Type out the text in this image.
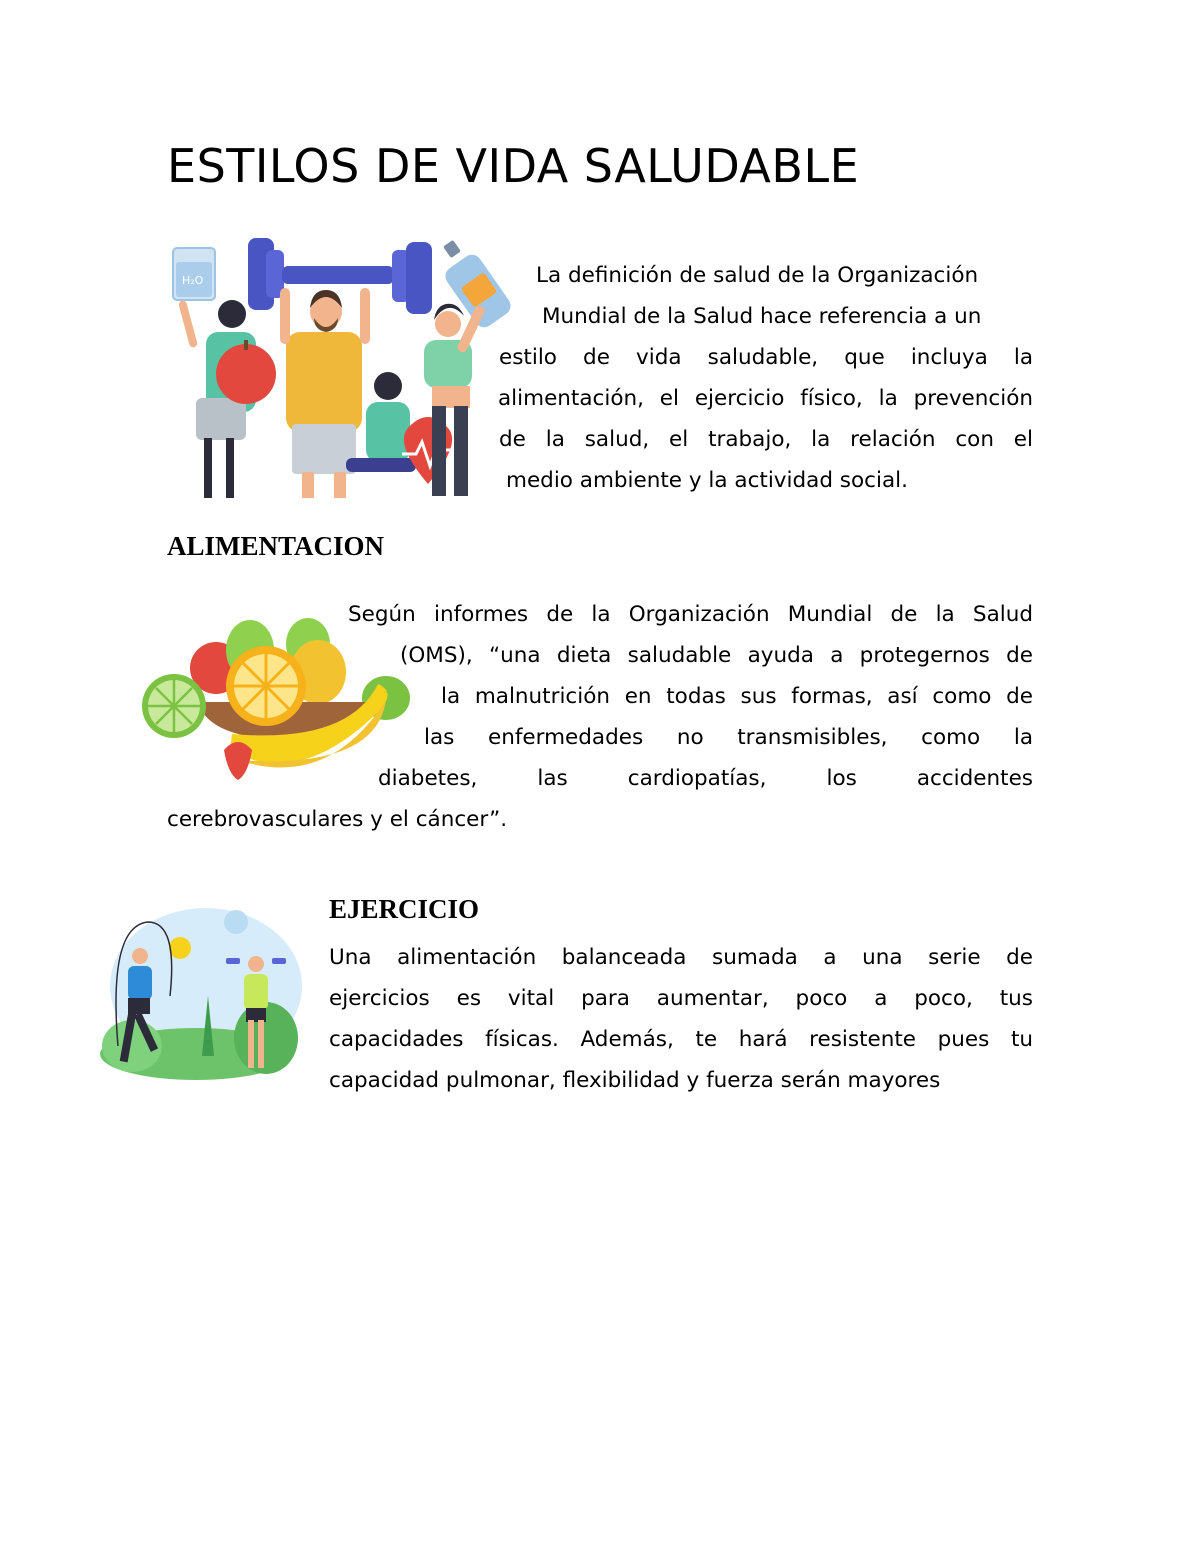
ESTILOS DE VIDA SALUDABLE
H₂O	La definición de salud de la Organización

Mundial de la Salud hace referencia a un

estilo de vida saludable, que incluya la

alimentación, el ejercicio físico, la prevención

de la salud, el trabajo, la relación con el

medio ambiente y la actividad social.

ALIMENTACION

Según informes de la Organización Mundial de la Salud

(OMS), “una dieta saludable ayuda a protegernos de

la malnutrición en todas sus formas, así como de

las enfermedades no transmisibles, como la

diabetes, las cardiopatías, los accidentes

cerebrovasculares y el cáncer”.

EJERCICIO
Una alimentación balanceada sumada a una serie de
ejercicios es vital para aumentar, poco a poco, tus
capacidades físicas. Además, te hará resistente pues tu
capacidad pulmonar, flexibilidad y fuerza serán mayores
